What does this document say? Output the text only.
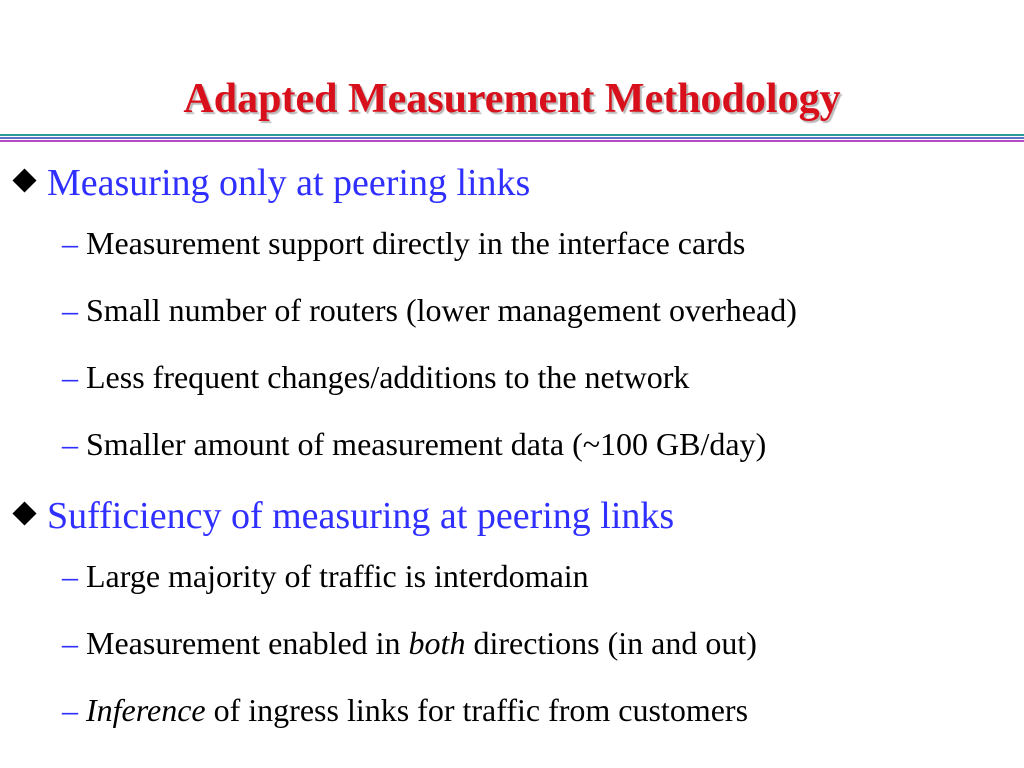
Adapted Measurement Methodology
Measuring only at peering links
– Measurement support directly in the interface cards
– Small number of routers (lower management overhead)
– Less frequent changes/additions to the network
– Smaller amount of measurement data (~100 GB/day)
Sufficiency of measuring at peering links
– Large majority of traffic is interdomain
– Measurement enabled in both directions (in and out)
– Inference of ingress links for traffic from customers
